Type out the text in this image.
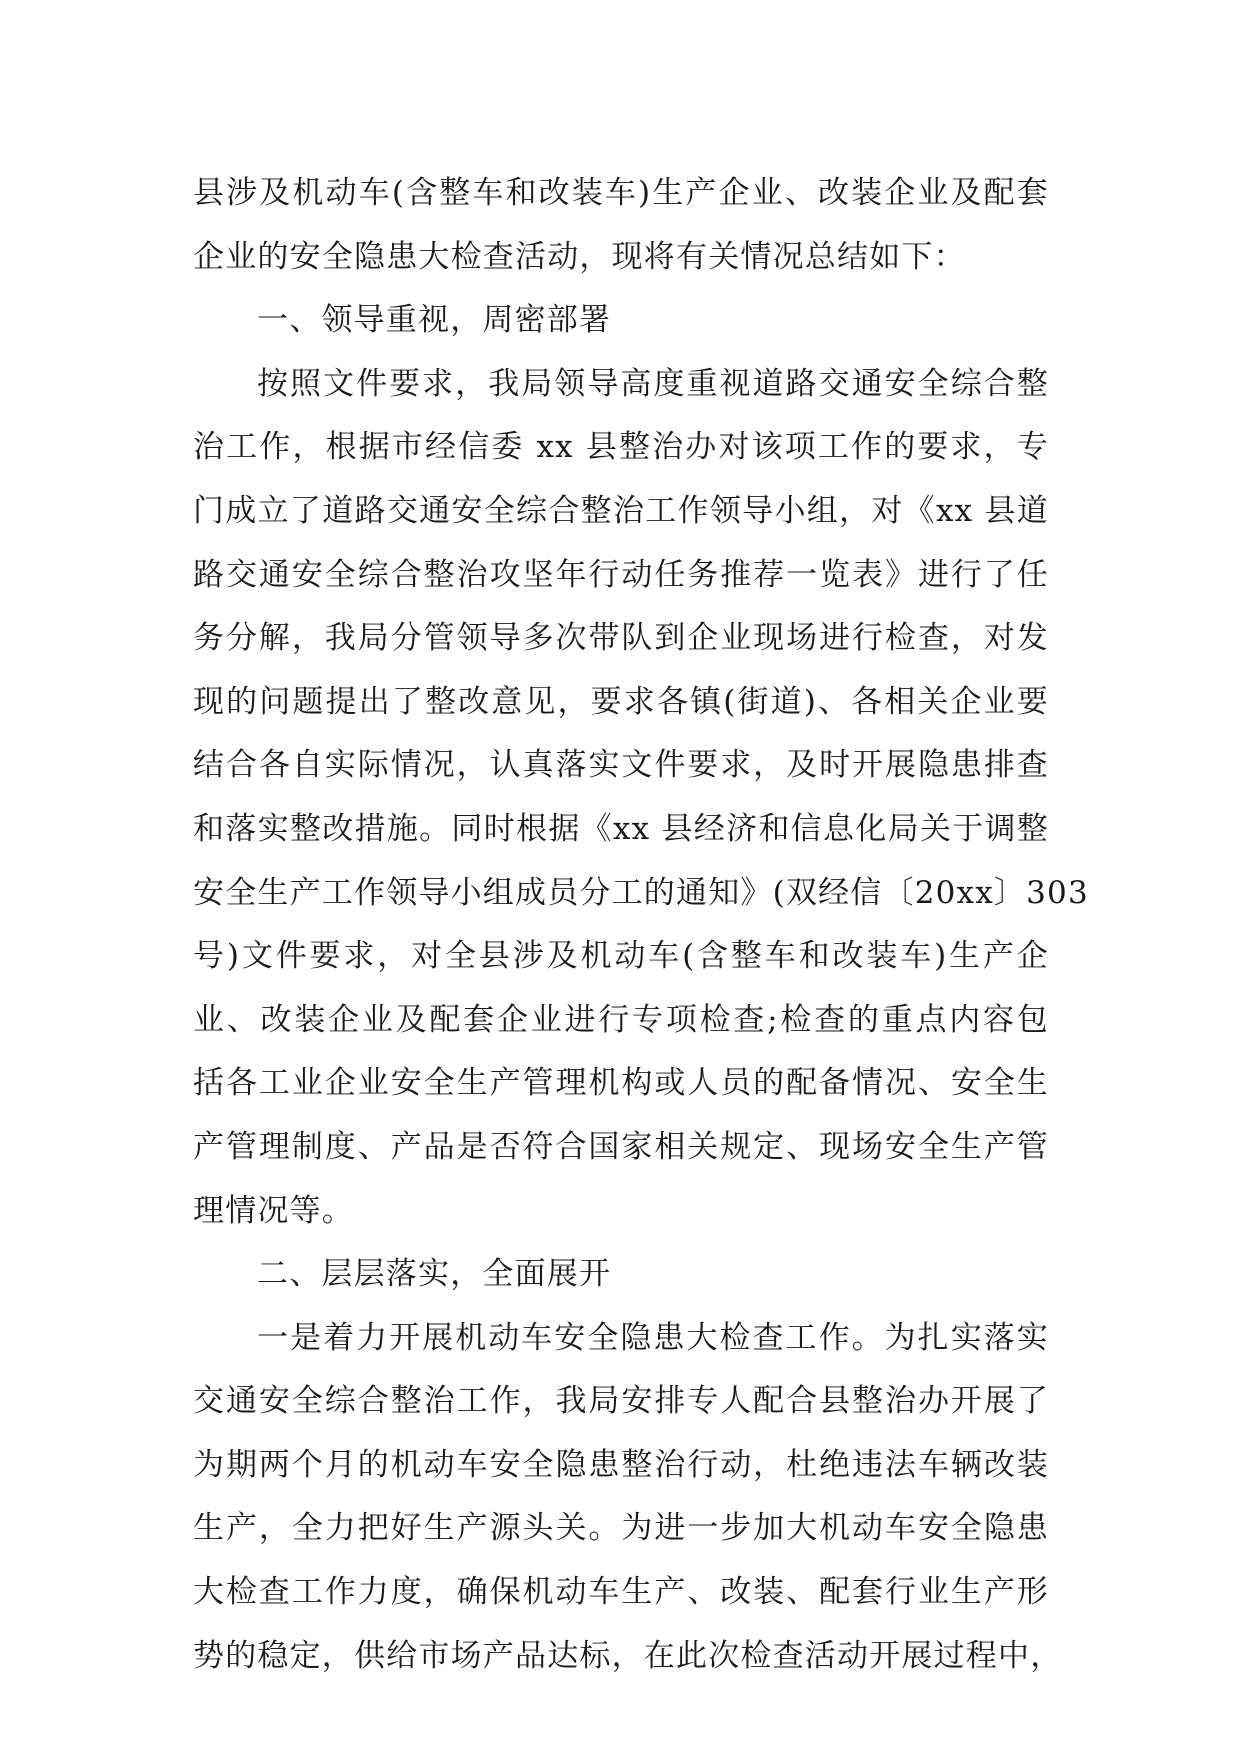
县涉及机动车(含整车和改装车)生产企业、改装企业及配套
企业的安全隐患大检查活动，现将有关情况总结如下：
一、领导重视，周密部署
按照文件要求，我局领导高度重视道路交通安全综合整
治工作，根据市经信委 xx 县整治办对该项工作的要求，专
门成立了道路交通安全综合整治工作领导小组，对《xx 县道
路交通安全综合整治攻坚年行动任务推荐一览表》进行了任
务分解，我局分管领导多次带队到企业现场进行检查，对发
现的问题提出了整改意见，要求各镇(街道)、各相关企业要
结合各自实际情况，认真落实文件要求，及时开展隐患排查
和落实整改措施。同时根据《xx 县经济和信息化局关于调整
安全生产工作领导小组成员分工的通知》(双经信〔20xx〕303
号)文件要求，对全县涉及机动车(含整车和改装车)生产企
业、改装企业及配套企业进行专项检查;检查的重点内容包
括各工业企业安全生产管理机构或人员的配备情况、安全生
产管理制度、产品是否符合国家相关规定、现场安全生产管
理情况等。
二、层层落实，全面展开
一是着力开展机动车安全隐患大检查工作。为扎实落实
交通安全综合整治工作，我局安排专人配合县整治办开展了
为期两个月的机动车安全隐患整治行动，杜绝违法车辆改装
生产，全力把好生产源头关。为进一步加大机动车安全隐患
大检查工作力度，确保机动车生产、改装、配套行业生产形
势的稳定，供给市场产品达标，在此次检查活动开展过程中，
